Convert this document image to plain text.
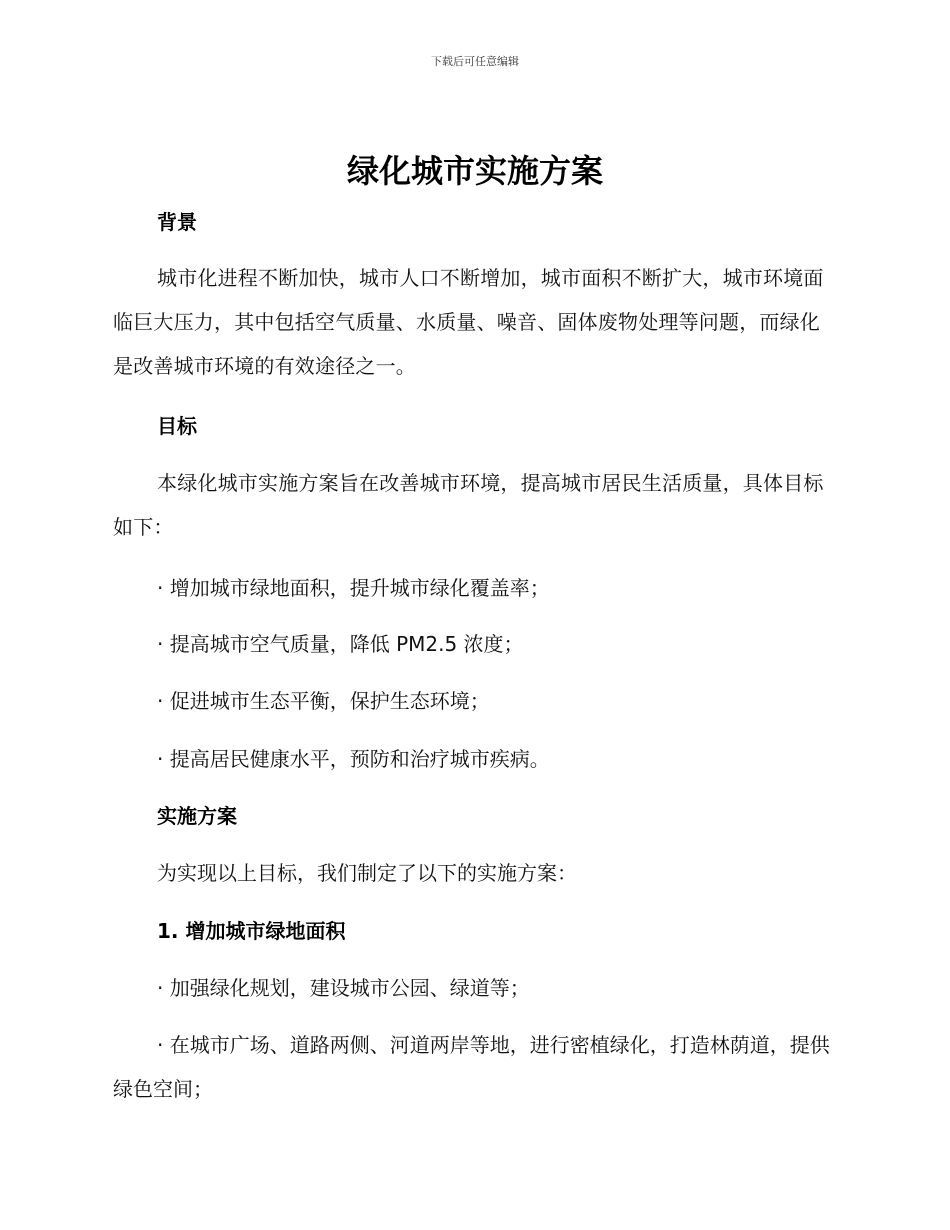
下载后可任意编辑
绿化城市实施方案
背景

城市化进程不断加快，城市人口不断增加，城市面积不断扩大，城市环境面临巨大压力，其中包括空气质量、水质量、噪音、固体废物处理等问题，而绿化是改善城市环境的有效途径之一。

目标

本绿化城市实施方案旨在改善城市环境，提高城市居民生活质量，具体目标如下：

· 增加城市绿地面积，提升城市绿化覆盖率；

· 提高城市空气质量，降低 PM2.5 浓度；

· 促进城市生态平衡，保护生态环境；

· 提高居民健康水平，预防和治疗城市疾病。

实施方案

为实现以上目标，我们制定了以下的实施方案：

1. 增加城市绿地面积

· 加强绿化规划，建设城市公园、绿道等；

· 在城市广场、道路两侧、河道两岸等地，进行密植绿化，打造林荫道，提供绿色空间；
